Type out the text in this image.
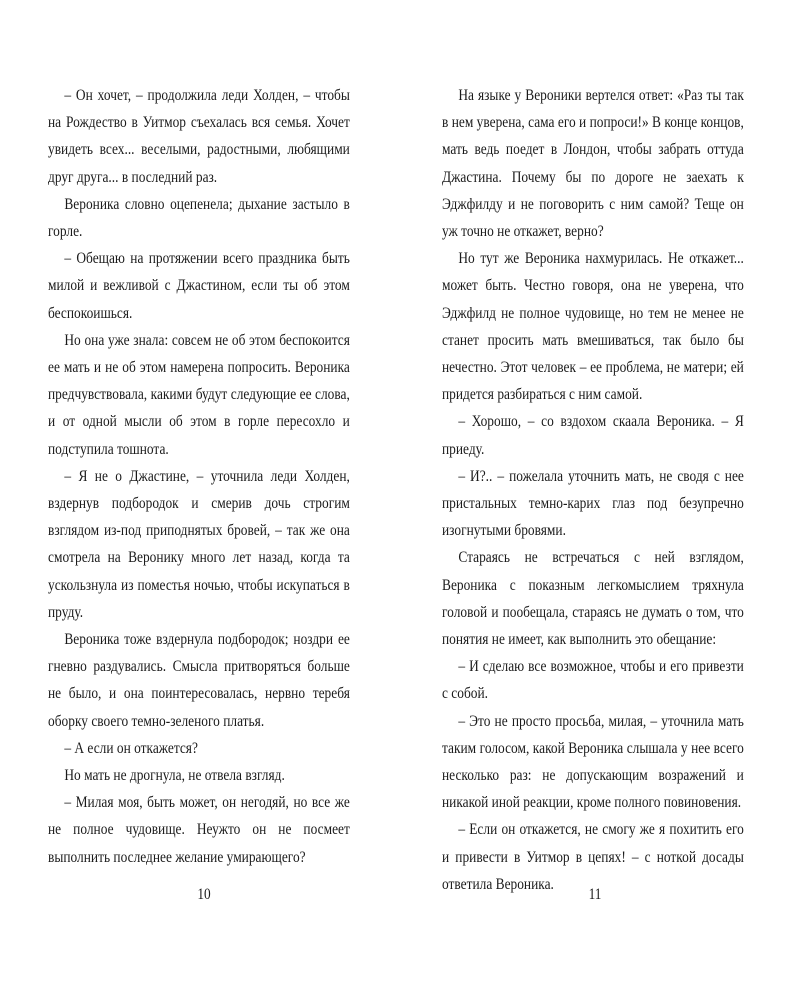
– Он хочет, – продолжила леди Холден, – чтобы на Рождество в Уитмор съехалась вся семья. Хочет увидеть всех... веселыми, радостными, любящими друг друга... в последний раз.

Вероника словно оцепенела; дыхание застыло в горле.

– Обещаю на протяжении всего праздника быть милой и вежливой с Джастином, если ты об этом беспокоишься.

Но она уже знала: совсем не об этом беспокоится ее мать и не об этом намерена попросить. Вероника предчувствовала, какими будут следующие ее слова, и от одной мысли об этом в горле пересохло и подступила тошнота.

– Я не о Джастине, – уточнила леди Холден, вздернув подбородок и смерив дочь строгим взглядом из-под приподнятых бровей, – так же она смотрела на Веронику много лет назад, когда та ускользнула из поместья ночью, чтобы искупаться в пруду.

Вероника тоже вздернула подбородок; ноздри ее гневно раздувались. Смысла притворяться больше не было, и она поинтересовалась, нервно теребя оборку своего темно-зеленого платья.

– А если он откажется?

Но мать не дрогнула, не отвела взгляд.

– Милая моя, быть может, он негодяй, но все же не полное чудовище. Неужто он не посмеет выполнить последнее желание умирающего?

На языке у Вероники вертелся ответ: «Раз ты так в нем уверена, сама его и попроси!» В конце концов, мать ведь поедет в Лондон, чтобы забрать оттуда Джастина. Почему бы по дороге не заехать к Эджфилду и не поговорить с ним самой? Теще он уж точно не откажет, верно?

Но тут же Вероника нахмурилась. Не откажет... может быть. Честно говоря, она не уверена, что Эджфилд не полное чудовище, но тем не менее не станет просить мать вмешиваться, так было бы нечестно. Этот человек – ее проблема, не матери; ей придется разбираться с ним самой.

– Хорошо, – со вздохом скаала Вероника. – Я приеду.

– И?.. – пожелала уточнить мать, не сводя с нее пристальных темно-карих глаз под безупречно изогнутыми бровями.

Стараясь не встречаться с ней взглядом, Вероника с показным легкомыслием тряхнула головой и пообещала, стараясь не думать о том, что понятия не имеет, как выполнить это обещание:

– И сделаю все возможное, чтобы и его привезти с собой.

– Это не просто просьба, милая, – уточнила мать таким голосом, какой Вероника слышала у нее всего несколько раз: не допускающим возражений и никакой иной реакции, кроме полного повиновения.

– Если он откажется, не смогу же я похитить его и привести в Уитмор в цепях! – с ноткой досады ответила Вероника.

10	11
